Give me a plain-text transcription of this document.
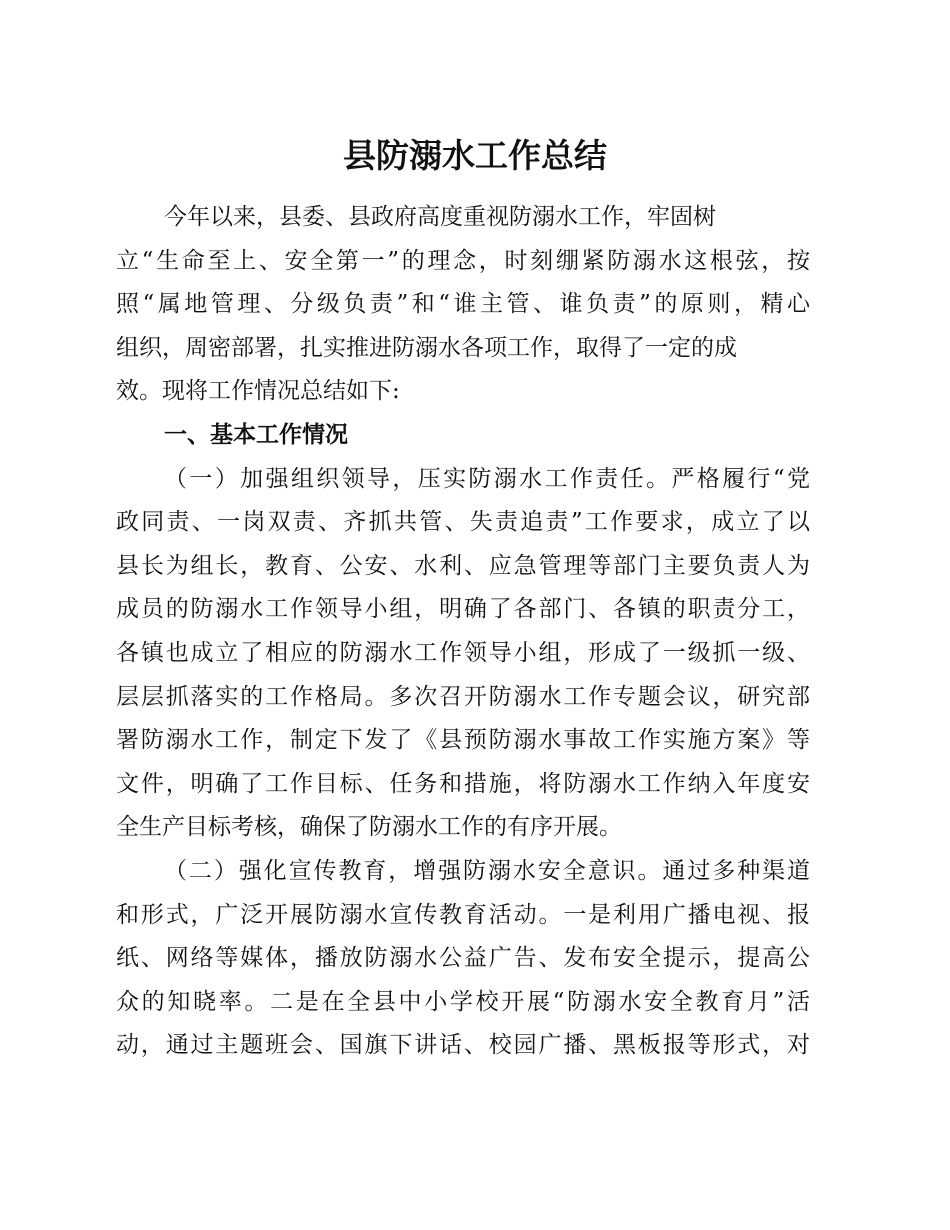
县防溺水工作总结
今年以来，县委、县政府高度重视防溺水工作，牢固树
立“生命至上、安全第一”的理念，时刻绷紧防溺水这根弦，按
照“属地管理、分级负责”和“谁主管、谁负责”的原则，精心
组织，周密部署，扎实推进防溺水各项工作，取得了一定的成
效。现将工作情况总结如下:
一、基本工作情况
（一）加强组织领导，压实防溺水工作责任。严格履行“党
政同责、一岗双责、齐抓共管、失责追责”工作要求，成立了以
县长为组长，教育、公安、水利、应急管理等部门主要负责人为
成员的防溺水工作领导小组，明确了各部门、各镇的职责分工，
各镇也成立了相应的防溺水工作领导小组，形成了一级抓一级、
层层抓落实的工作格局。多次召开防溺水工作专题会议，研究部
署防溺水工作，制定下发了《县预防溺水事故工作实施方案》等
文件，明确了工作目标、任务和措施，将防溺水工作纳入年度安
全生产目标考核，确保了防溺水工作的有序开展。
（二）强化宣传教育，增强防溺水安全意识。通过多种渠道
和形式，广泛开展防溺水宣传教育活动。一是利用广播电视、报
纸、网络等媒体，播放防溺水公益广告、发布安全提示，提高公
众的知晓率。二是在全县中小学校开展“防溺水安全教育月”活
动，通过主题班会、国旗下讲话、校园广播、黑板报等形式，对
